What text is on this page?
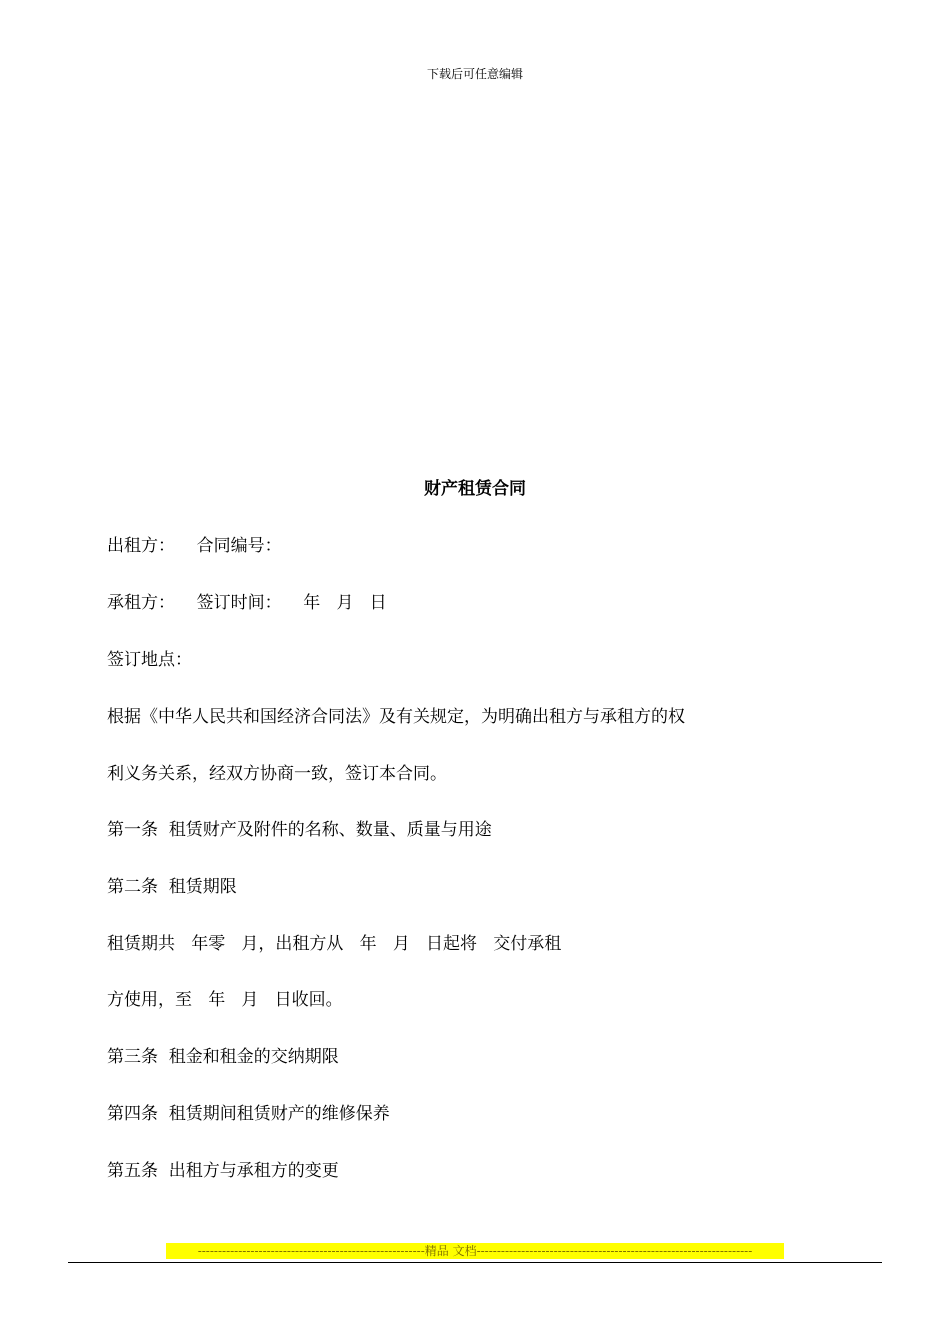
下载后可任意编辑
财产租赁合同
出租方：    合同编号：
承租方：    签订时间：    年   月   日
签订地点：
根据《中华人民共和国经济合同法》及有关规定，为明确出租方与承租方的权
利义务关系，经双方协商一致，签订本合同。
第一条  租赁财产及附件的名称、数量、质量与用途
第二条  租赁期限
租赁期共   年零   月，出租方从   年   月   日起将   交付承租
方使用，至   年   月   日收回。
第三条  租金和租金的交纳期限
第四条  租赁期间租赁财产的维修保养
第五条  出租方与承租方的变更
--------------------------------------------------------精品 文档--------------------------------------------------------------------
